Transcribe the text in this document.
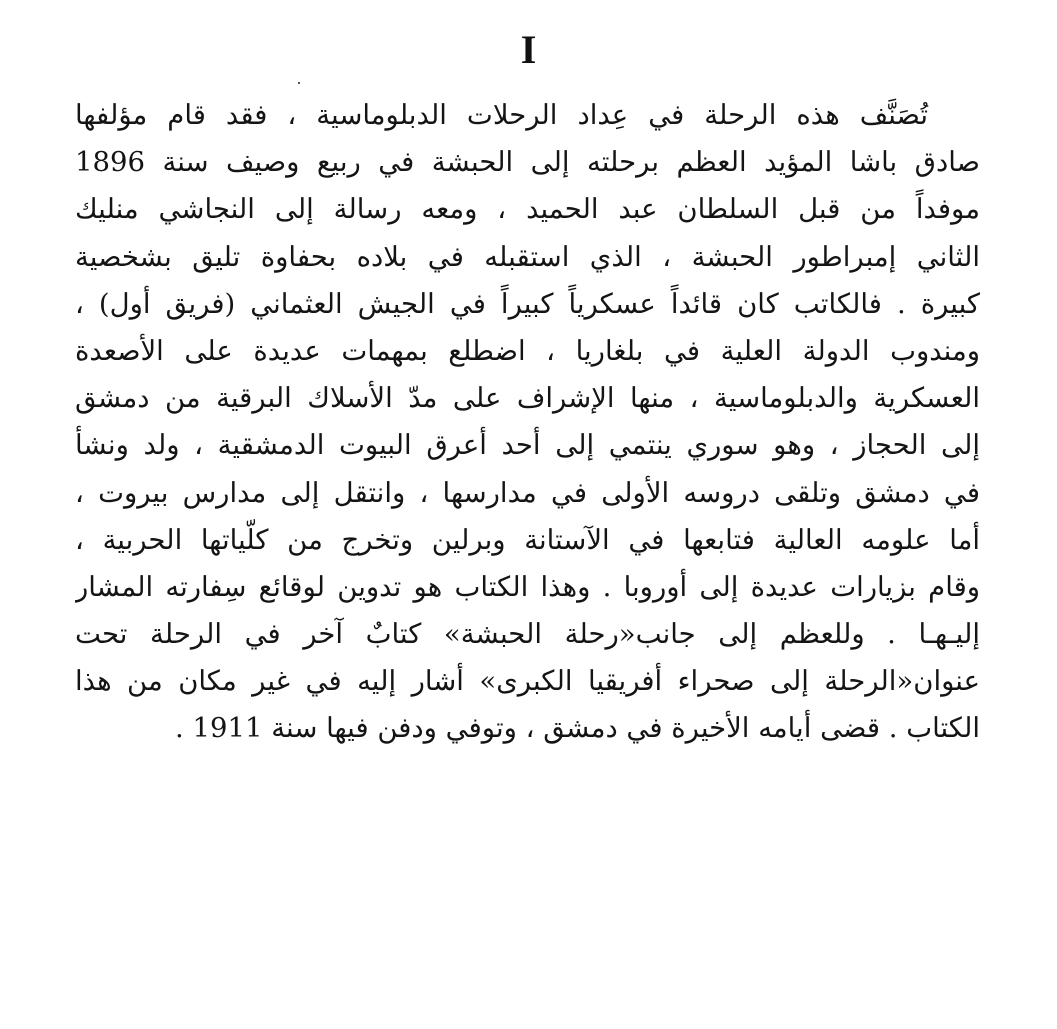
I
تُصَنَّف هذه الرحلة في عِداد الرحلات الدبلوماسية ، فقد قام مؤلفها
صادق باشا المؤيد العظم برحلته إلى الحبشة في ربيع وصيف سنة 1896
موفداً من قبل السلطان عبد الحميد ، ومعه رسالة إلى النجاشي منليك
الثاني إمبراطور الحبشة ، الذي استقبله في بلاده بحفاوة تليق بشخصية
كبيرة . فالكاتب كان قائداً عسكرياً كبيراً في الجيش العثماني (فريق أول) ،
ومندوب الدولة العلية في بلغاريا ، اضطلع بمهمات عديدة على الأصعدة
العسكرية والدبلوماسية ، منها الإشراف على مدّ الأسلاك البرقية من دمشق
إلى الحجاز ، وهو سوري ينتمي إلى أحد أعرق البيوت الدمشقية ، ولد ونشأ
في دمشق وتلقى دروسه الأولى في مدارسها ، وانتقل إلى مدارس بيروت ،
أما علومه العالية فتابعها في الآستانة وبرلين وتخرج من كلّياتها الحربية ،
وقام بزيارات عديدة إلى أوروبا . وهذا الكتاب هو تدوين لوقائع سِفارته المشار
إليـهـا . وللعظم إلى جانب«رحلة الحبشة» كتابٌ آخر في الرحلة تحت
عنوان«الرحلة إلى صحراء أفريقيا الكبرى» أشار إليه في غير مكان من هذا
الكتاب . قضى أيامه الأخيرة في دمشق ، وتوفي ودفن فيها سنة 1911 .
